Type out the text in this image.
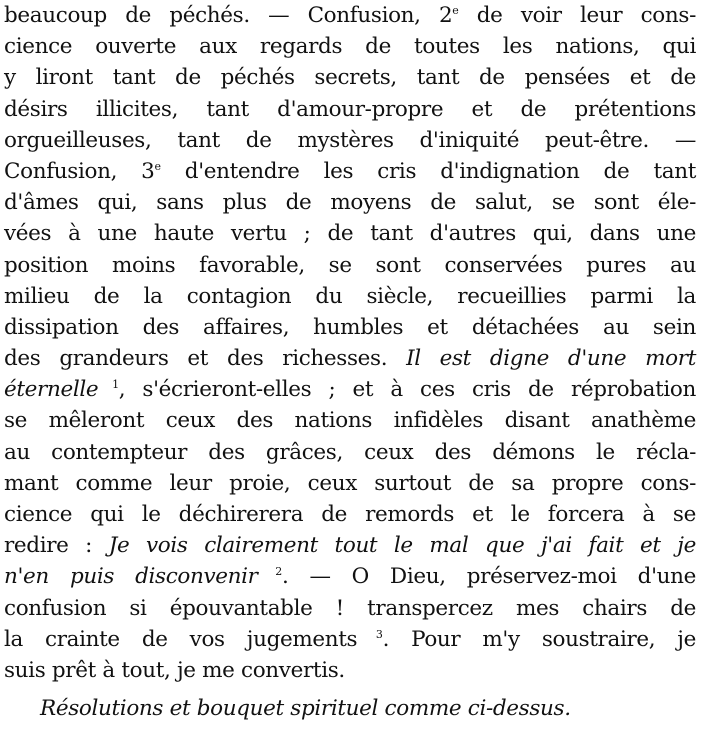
beaucoup de péchés. — Confusion, 2e de voir leur cons-
cience ouverte aux regards de toutes les nations, qui
y liront tant de péchés secrets, tant de pensées et de
désirs illicites, tant d'amour-propre et de prétentions
orgueilleuses, tant de mystères d'iniquité peut-être. —
Confusion, 3e d'entendre les cris d'indignation de tant
d'âmes qui, sans plus de moyens de salut, se sont éle-
vées à une haute vertu ; de tant d'autres qui, dans une
position moins favorable, se sont conservées pures au
milieu de la contagion du siècle, recueillies parmi la
dissipation des affaires, humbles et détachées au sein
des grandeurs et des richesses. Il est digne d'une mort
éternelle $^1$, s'écrieront-elles ; et à ces cris de réprobation
se mêleront ceux des nations infidèles disant anathème
au contempteur des grâces, ceux des démons le récla-
mant comme leur proie, ceux surtout de sa propre cons-
cience qui le déchirerera de remords et le forcera à se
redire : Je vois clairement tout le mal que j'ai fait et je
n'en puis disconvenir $^2$. — O Dieu, préservez-moi d'une
confusion si épouvantable ! transpercez mes chairs de
la crainte de vos jugements $^3$. Pour m'y soustraire, je
suis prêt à tout, je me convertis.
Résolutions et bouquet spirituel comme ci-dessus.
